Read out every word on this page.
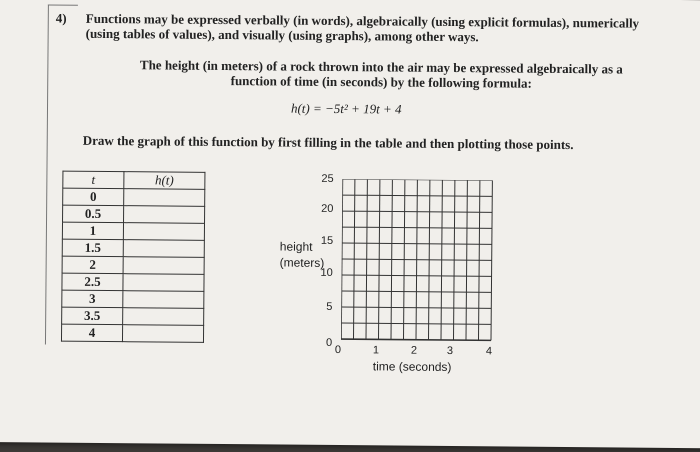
4) Functions may be expressed verbally (in words), algebraically (using explicit formulas), numerically (using tables of values), and visually (using graphs), among other ways.
The height (in meters) of a rock thrown into the air may be expressed algebraically as a function of time (in seconds) by the following formula:
h(t) = −5t² + 19t + 4
Draw the graph of this function by first filling in the table and then plotting those points.
t	h(t)
0	
0.5	
1	
1.5	
2	
2.5	
3	
3.5	
4	
height
(meters)
time (seconds)
25
20
15
10
5
0
0	1	2	3	4
